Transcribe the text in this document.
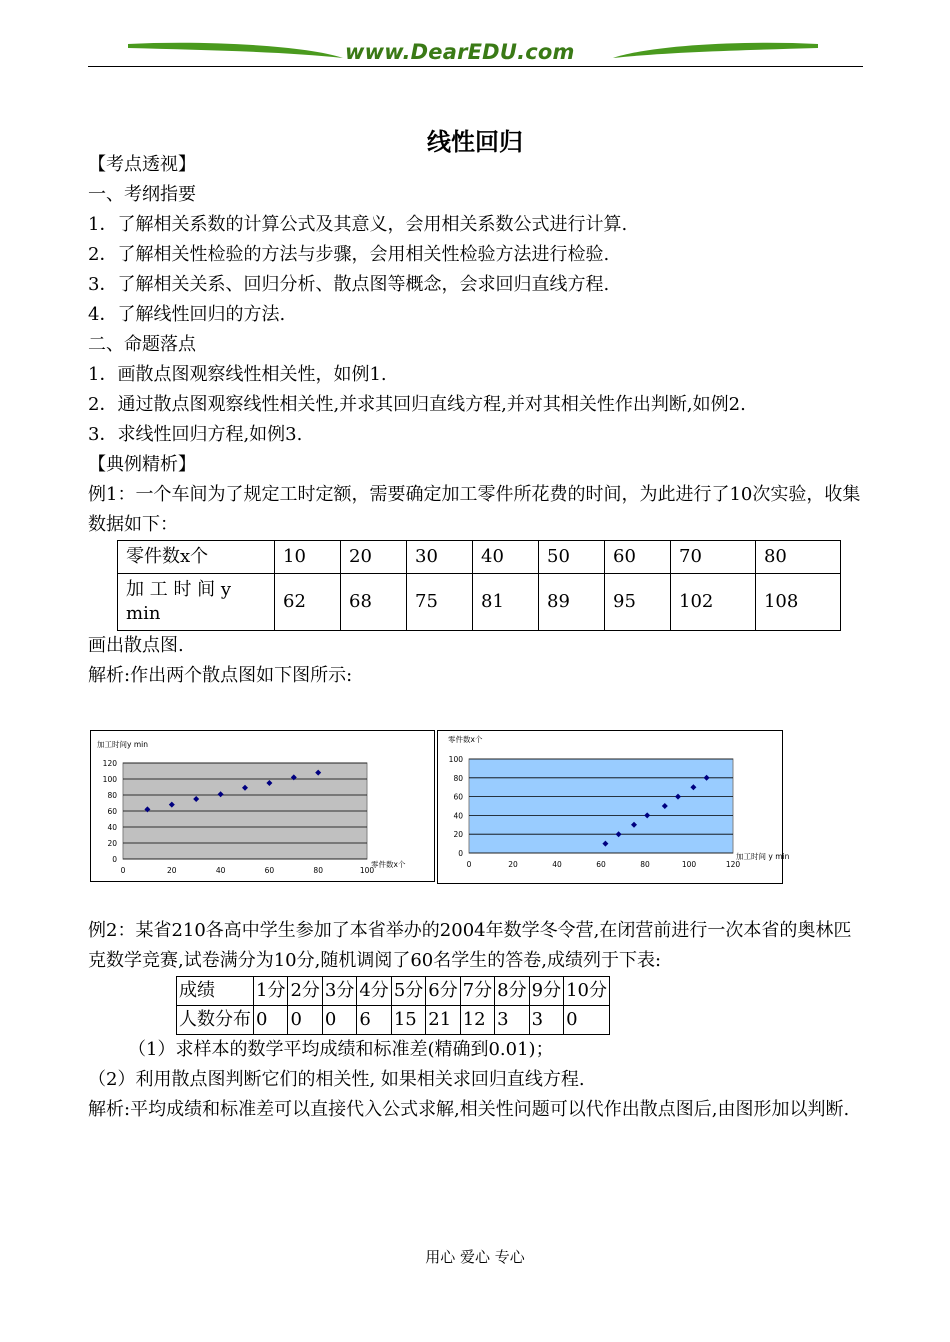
www.DearEDU.com
线性回归

【考点透视】

一、考纲指要

1．了解相关系数的计算公式及其意义，会用相关系数公式进行计算.

2．了解相关性检验的方法与步骤，会用相关性检验方法进行检验.

3．了解相关关系、回归分析、散点图等概念，会求回归直线方程.

4．了解线性回归的方法.

二、命题落点

1．画散点图观察线性相关性，如例1.

2．通过散点图观察线性相关性,并求其回归直线方程,并对其相关性作出判断,如例2.

3．求线性回归方程,如例3.

【典例精析】

例1：一个车间为了规定工时定额，需要确定加工零件所花费的时间，为此进行了10次实验，收集数据如下：

零件数x个	10	20	30	40	50	60	70	80
加 工 时 间 y min	62	68	75	81	89	95	102	108

画出散点图.

解析:作出两个散点图如下图所示:

例2：某省210各高中学生参加了本省举办的2004年数学冬令营,在闭营前进行一次本省的奥林匹克数学竞赛,试卷满分为10分,随机调阅了60名学生的答卷,成绩列于下表:

成绩	1分	2分	3分	4分	5分	6分	7分	8分	9分	10分
人数分布	0	0	0	6	15	21	12	3	3	0

（1）求样本的数学平均成绩和标准差(精确到0.01)；

（2）利用散点图判断它们的相关性, 如果相关求回归直线方程.

解析:平均成绩和标准差可以直接代入公式求解,相关性问题可以代作出散点图后,由图形加以判断.

0
20
40
60
80
100
120
0	20	40	60	80	100
加工时间y min
零件数x个
0
20
40
60
80
100
0	20	40	60	80	100	120
零件数x个
加工时间 y min
用心 爱心 专心
